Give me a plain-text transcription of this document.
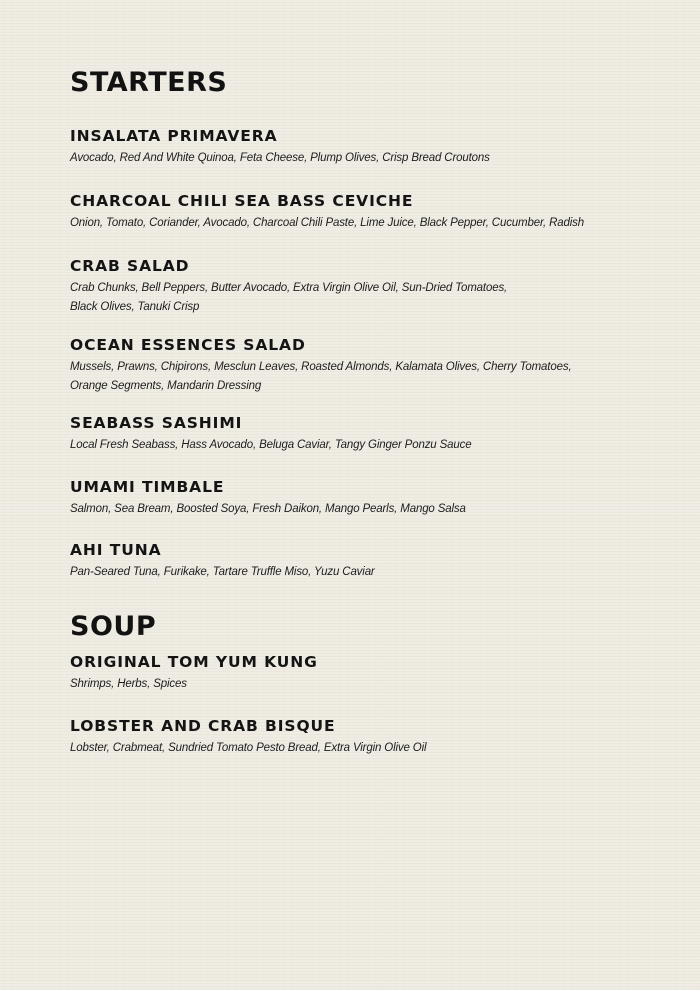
STARTERS
INSALATA PRIMAVERA
Avocado, Red And White Quinoa, Feta Cheese, Plump Olives, Crisp Bread Croutons
CHARCOAL CHILI SEA BASS CEVICHE
Onion, Tomato, Coriander, Avocado, Charcoal Chili Paste, Lime Juice, Black Pepper, Cucumber, Radish
CRAB SALAD
Crab Chunks, Bell Peppers, Butter Avocado, Extra Virgin Olive Oil, Sun-Dried Tomatoes,
Black Olives, Tanuki Crisp
OCEAN ESSENCES SALAD
Mussels, Prawns, Chipirons, Mesclun Leaves, Roasted Almonds, Kalamata Olives, Cherry Tomatoes,
Orange Segments, Mandarin Dressing
SEABASS SASHIMI
Local Fresh Seabass, Hass Avocado, Beluga Caviar, Tangy Ginger Ponzu Sauce
UMAMI TIMBALE
Salmon, Sea Bream, Boosted Soya, Fresh Daikon, Mango Pearls, Mango Salsa
AHI TUNA
Pan-Seared Tuna, Furikake, Tartare Truffle Miso, Yuzu Caviar
SOUP
ORIGINAL TOM YUM KUNG
Shrimps, Herbs, Spices
LOBSTER AND CRAB BISQUE
Lobster, Crabmeat, Sundried Tomato Pesto Bread, Extra Virgin Olive Oil
